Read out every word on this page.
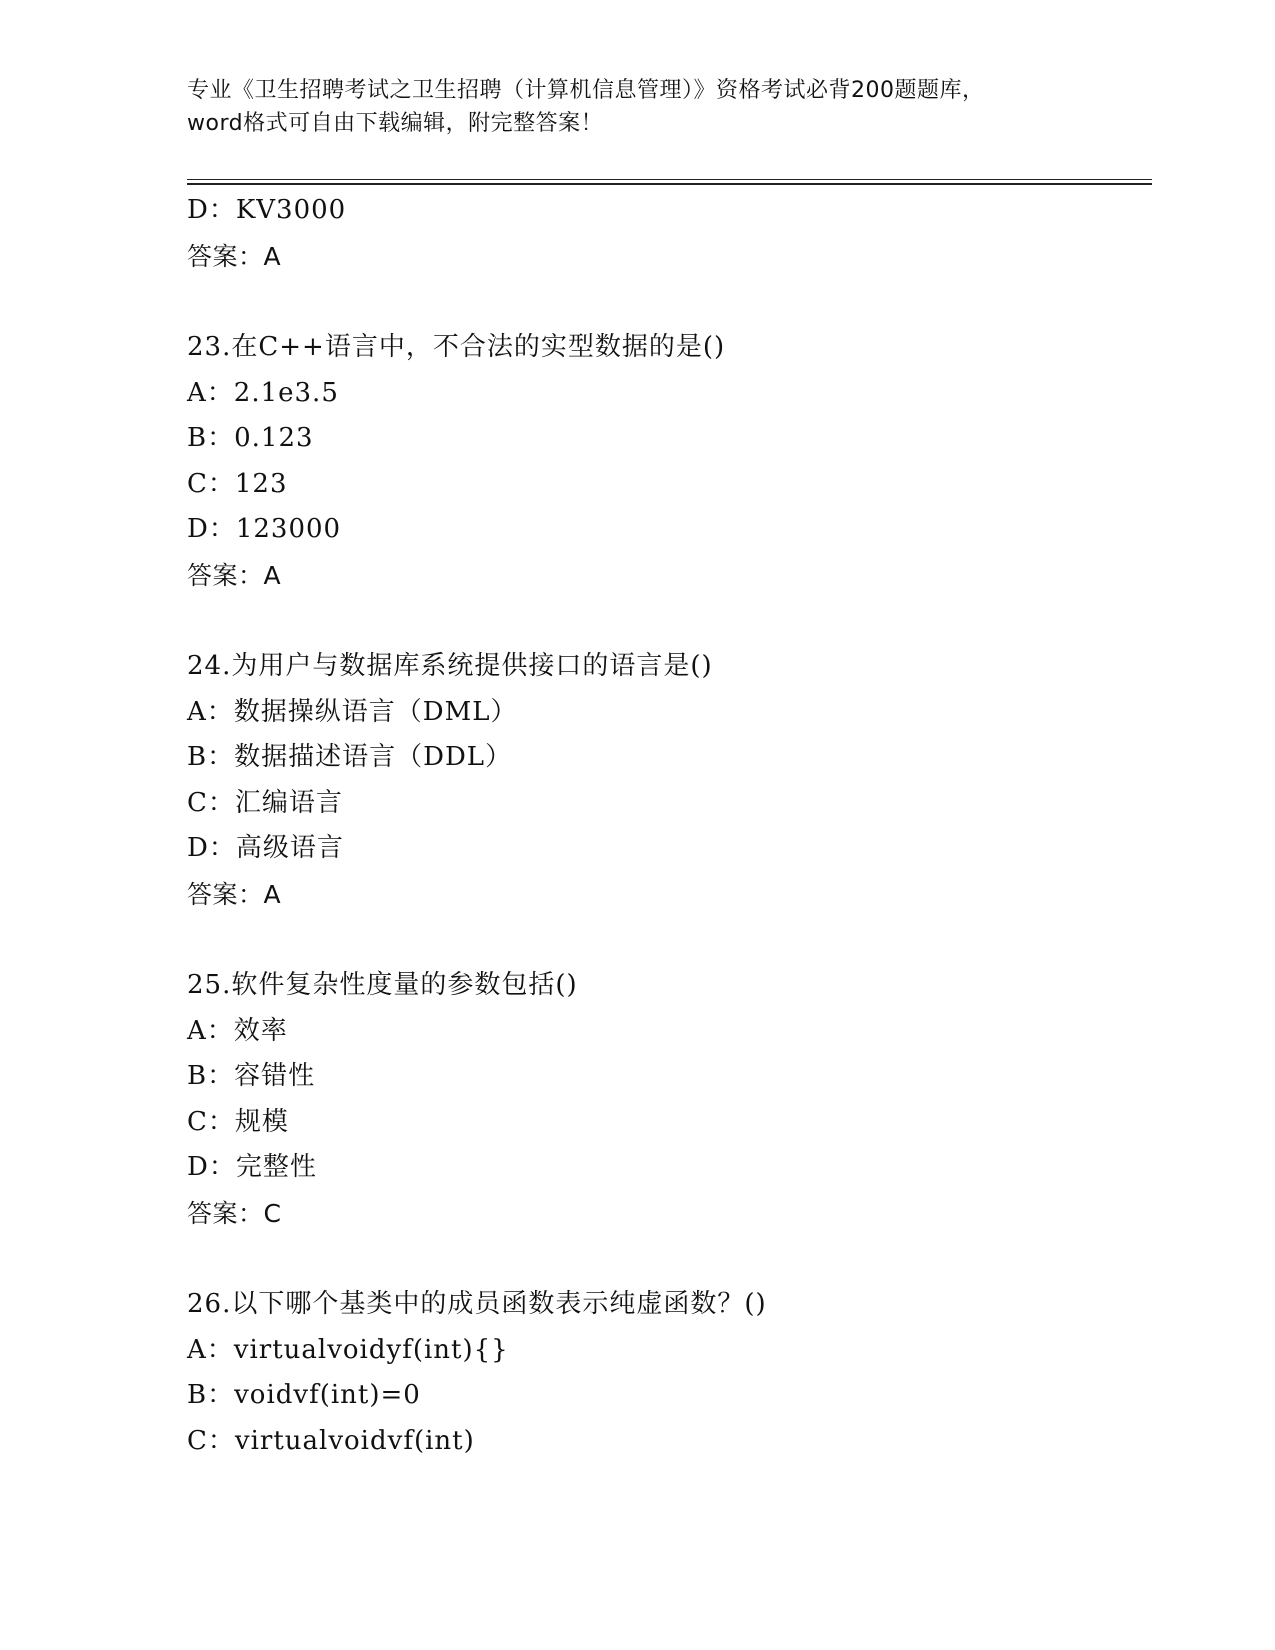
专业《卫生招聘考试之卫生招聘（计算机信息管理）》资格考试必背200题题库，
word格式可自由下载编辑，附完整答案！
D：KV3000
答案：A
23.在C++语言中，不合法的实型数据的是()
A：2.1e3.5
B：0.123
C：123
D：123000
答案：A
24.为用户与数据库系统提供接口的语言是()
A：数据操纵语言（DML）
B：数据描述语言（DDL）
C：汇编语言
D：高级语言
答案：A
25.软件复杂性度量的参数包括()
A：效率
B：容错性
C：规模
D：完整性
答案：C
26.以下哪个基类中的成员函数表示纯虚函数？()
A：virtualvoidyf(int){}
B：voidvf(int)=0
C：virtualvoidvf(int)
